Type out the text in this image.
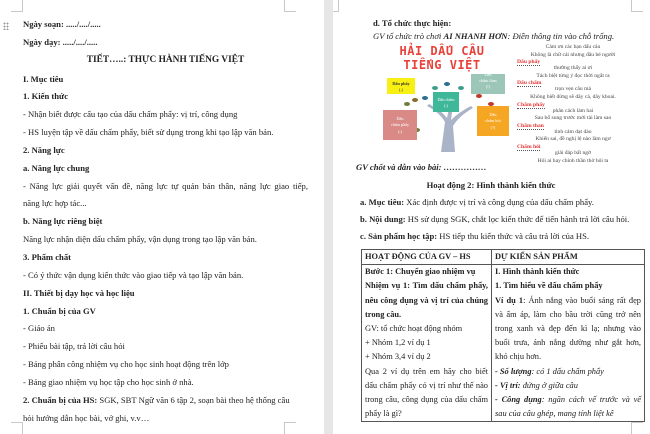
Ngày soạn: ...../..../.....
Ngày dạy: ...../..../.....
TIẾT…..: THỰC HÀNH TIẾNG VIỆT
I. Mục tiêu
1. Kiến thức
- Nhận biết được cấu tạo của dấu chấm phẩy: vị trí, công dụng
- HS luyện tập về dấu chấm phẩy, biết sử dụng trong khi tạo lập văn bản.
2. Năng lực
a. Năng lực chung
- Năng lực giải quyết vấn đề, năng lực tự quản bản thân, năng lực giao tiếp,
năng lực hợp tác...
b. Năng lực riêng biệt
Năng lực nhận diện dấu chấm phẩy, vận dụng trong tạo lập văn bản.
3. Phẩm chất
- Có ý thức vận dụng kiến thức vào giao tiếp và tạo lập văn bản.
II. Thiết bị dạy học và học liệu
1. Chuẩn bị của GV
- Giáo án
- Phiếu bài tập, trả lời câu hỏi
- Bảng phân công nhiệm vụ cho học sinh hoạt động trên lớp
- Bảng giao nhiệm vụ học tập cho học sinh ở nhà.
2. Chuẩn bị của HS: SGK, SBT Ngữ văn 6 tập 2, soạn bài theo hệ thống câu
hỏi hướng dẫn học bài, vở ghi, v.v…
d. Tổ chức thực hiện:
GV tổ chức trò chơi AI NHANH HƠN: Điền thông tin vào chỗ trống.
HẢI DẤU CÂU
TIẾNG VIỆT
Dấu phẩy
(,)
Dấu chấm
(.)
Dấu
chấm than
(!)
Dấu
chấm phẩy
(;)
Dấu
chấm hỏi
(?)
Cảm ơn các bạn dấu câu
Không là chữ cái nhưng đâu bé người
Dấu phẩy
thường thấy ai ơi
Tách biệt từng ý đọc thời ngắt ra
Dấu chấm
trọn vẹn câu mà
Không biết dừng sẽ dây cà, dây khoai.
Chấm phẩy
phân cách làm hai
Sau bổ sung trước mới tài làm sao
Chấm than
tình cảm dạt dào
Khiến sai, đề nghị lệ nào làm ngơ
Chấm hỏi
giải đáp bất ngờ
Hỏi ai hay chính thần thờ hỏi ta
GV chốt và dẫn vào bài: ……………
Hoạt động 2: Hình thành kiến thức
a. Mục tiêu: Xác định được vị trí và công dụng của dấu chấm phẩy.
b. Nội dung: HS sử dụng SGK, chắt lọc kiến thức để tiến hành trả lời câu hỏi.
c. Sản phẩm học tập: HS tiếp thu kiến thức và câu trả lời của HS.
HOẠT ĐỘNG CỦA GV – HS	DỰ KIẾN SẢN PHẨM

Bước 1: Chuyển giao nhiệm vụ
Nhiệm vụ 1: Tìm dấu chấm phẩy, nêu công dụng và vị trí của chúng trong câu.
GV: tổ chức hoạt động nhóm
+ Nhóm 1,2 ví dụ 1
+ Nhóm 3,4 ví dụ 2
Qua 2 ví dụ trên em hãy cho biết dấu chấm phẩy có vị trí như thế nào trong câu, công dụng của dấu chấm phẩy là gì?

I. Hình thành kiến thức
1. Tìm hiểu về dấu chấm phẩy
Ví dụ 1: Ánh nắng vào buổi sáng rất đẹp và ấm áp, làm cho bầu trời cũng trở nên trong xanh và đẹp đến kì lạ; nhưng vào buổi trưa, ánh nắng dường như gắt hơn, khó chịu hơn.
- Số lượng: có 1 dấu chấm phẩy
- Vị trí: đứng ở giữa câu
- Công dụng: ngăn cách vế trước và vế sau của câu ghép, mang tính liệt kê
